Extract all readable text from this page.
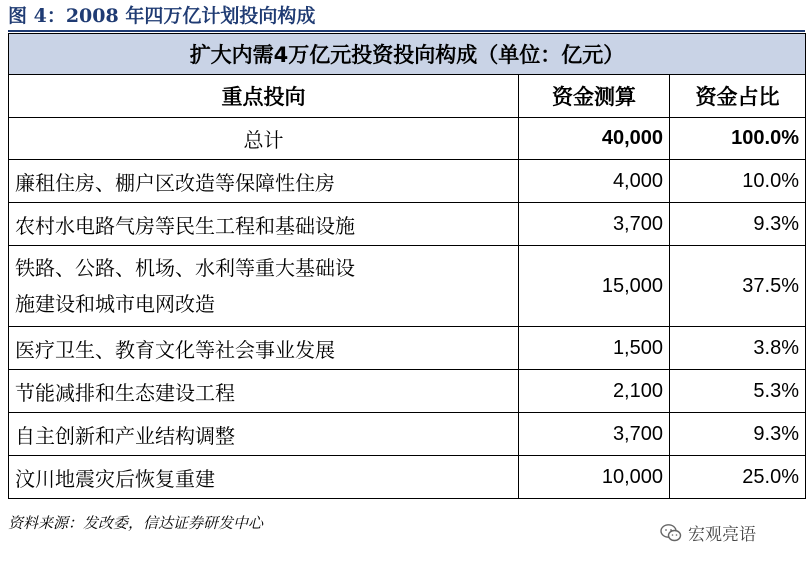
图 4：2008 年四万亿计划投向构成
扩大内需4万亿元投资投向构成（单位：亿元）		
重点投向	资金测算	资金占比
总计	40,000	100.0%
廉租住房、棚户区改造等保障性住房	4,000	10.0%
农村水电路气房等民生工程和基础设施	3,700	9.3%

铁路、公路、机场、水利等重大基础设
施建设和城市电网改造	15,000	37.5%
医疗卫生、教育文化等社会事业发展	1,500	3.8%
节能减排和生态建设工程	2,100	5.3%
自主创新和产业结构调整	3,700	9.3%
汶川地震灾后恢复重建	10,000	25.0%
资料来源：发改委，信达证券研发中心
宏观亮语
